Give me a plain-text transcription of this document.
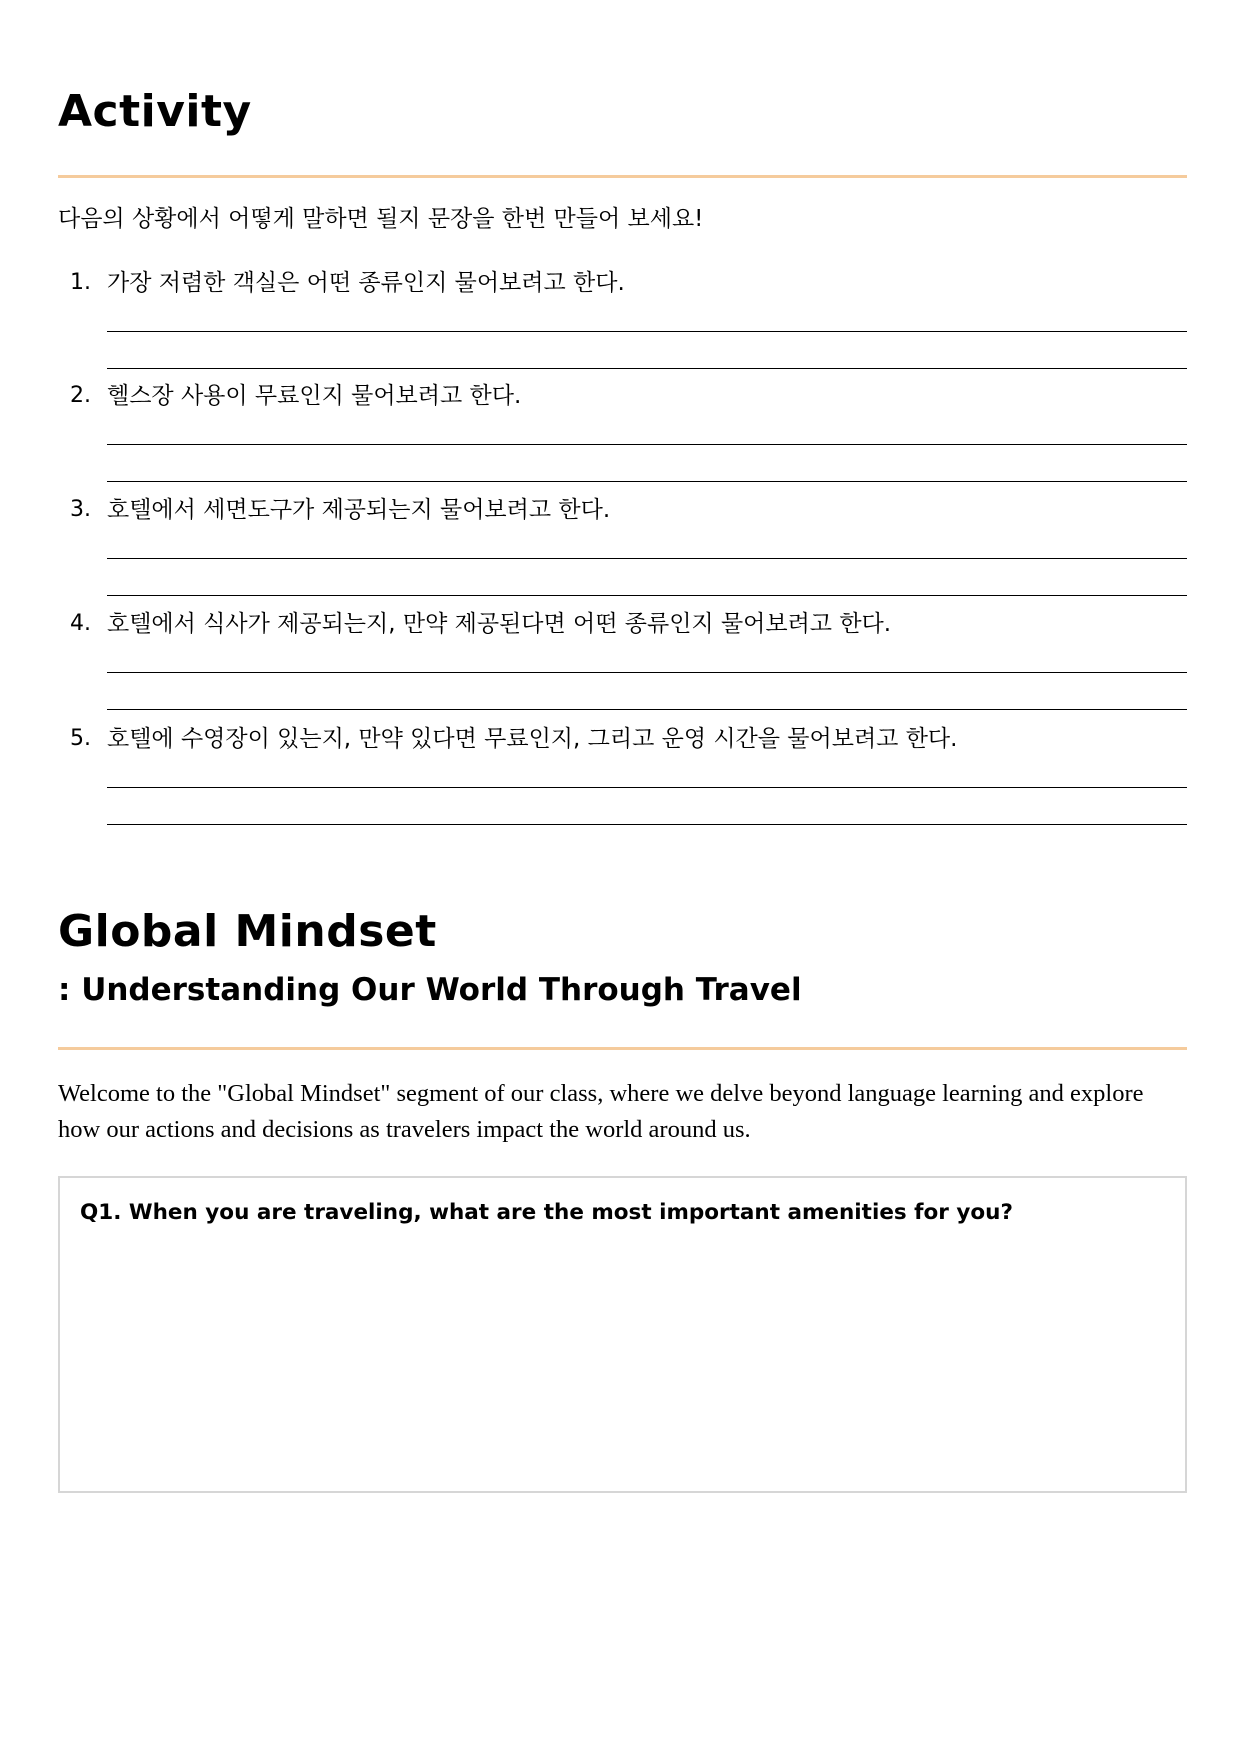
Activity
다음의 상황에서 어떻게 말하면 될지 문장을 한번 만들어 보세요!
1. 가장 저렴한 객실은 어떤 종류인지 물어보려고 한다.
2. 헬스장 사용이 무료인지 물어보려고 한다.
3. 호텔에서 세면도구가 제공되는지 물어보려고 한다.
4. 호텔에서 식사가 제공되는지, 만약 제공된다면 어떤 종류인지 물어보려고 한다.
5. 호텔에 수영장이 있는지, 만약 있다면 무료인지, 그리고 운영 시간을 물어보려고 한다.
Global Mindset
: Understanding Our World Through Travel
Welcome to the "Global Mindset" segment of our class, where we delve beyond language learning and explore how our actions and decisions as travelers impact the world around us.
Q1. When you are traveling, what are the most important amenities for you?
